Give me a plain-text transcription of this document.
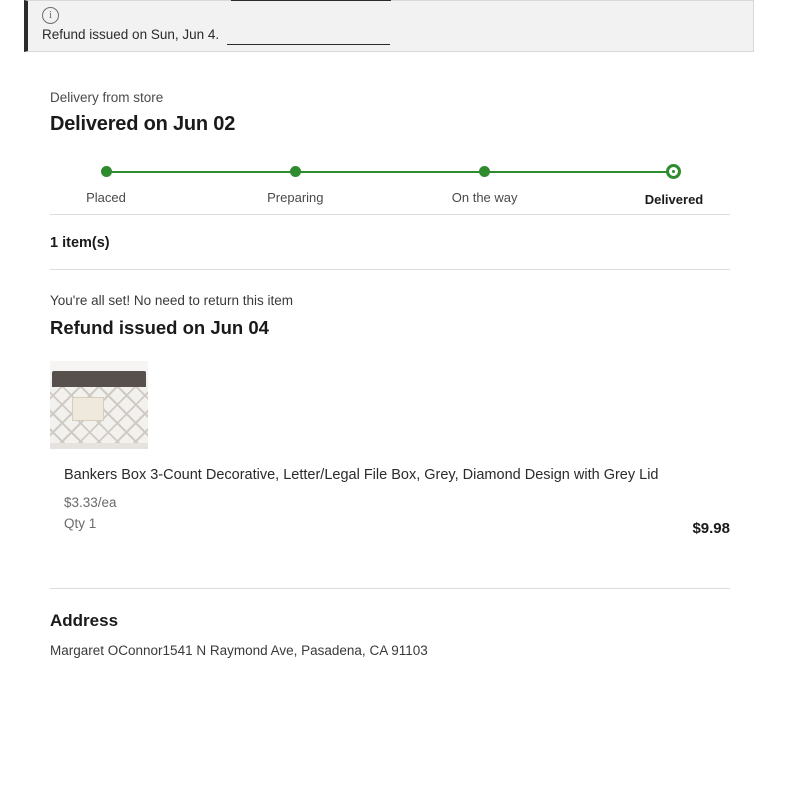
i
Refund issued on Sun, Jun 4.

Delivery from store

Delivered on Jun 02
Placed	Preparing	On the way	Delivered
1 item(s)

You're all set! No need to return this item

Refund issued on Jun 04
Bankers Box 3-Count Decorative, Letter/Legal File Box, Grey, Diamond Design with Grey Lid
$3.33/ea
Qty 1	$9.98
Address

Margaret OConnor1541 N Raymond Ave, Pasadena, CA 91103
